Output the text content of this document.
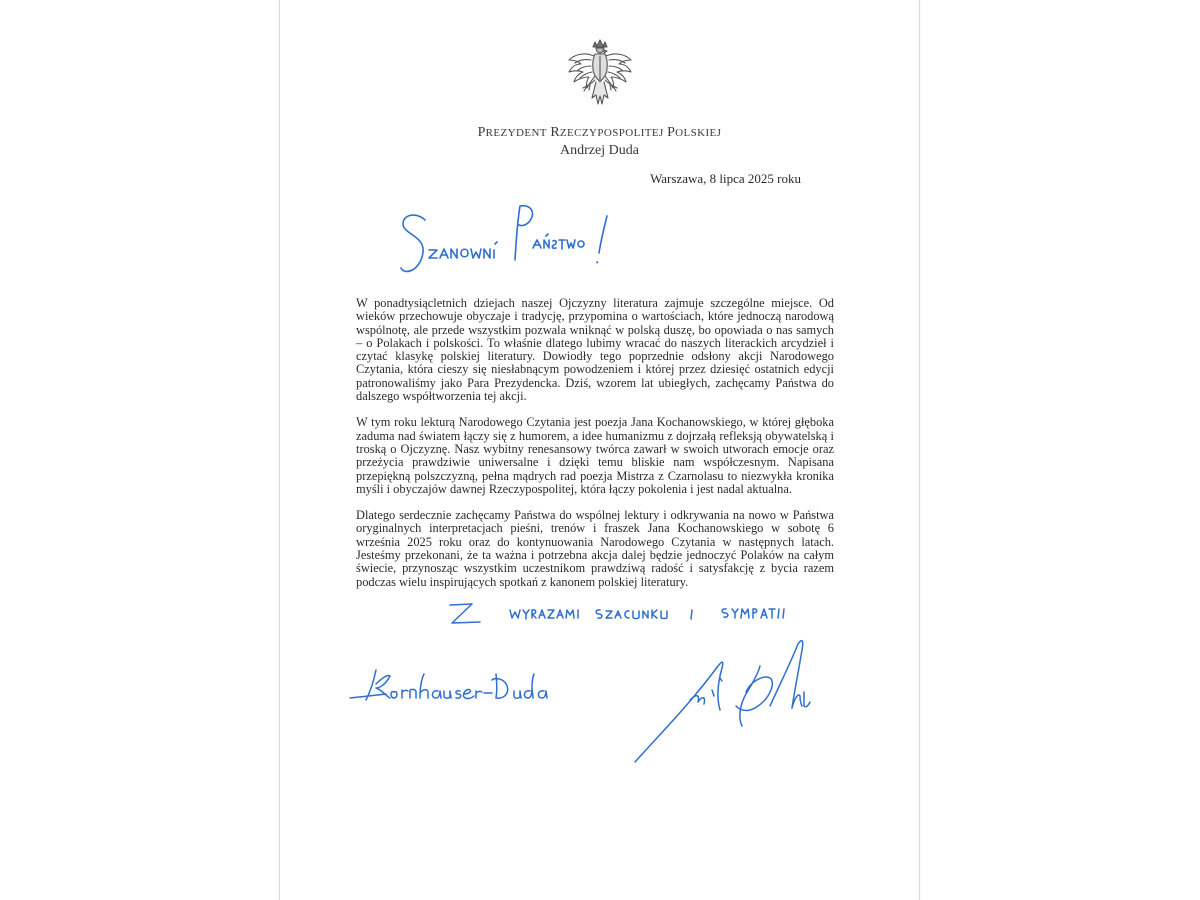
PREZYDENT RZECZYPOSPOLITEJ POLSKIEJ
Andrzej Duda
Warszawa, 8 lipca 2025 roku

W ponadtysiącletnich dziejach naszej Ojczyzny literatura zajmuje szczególne miejsce. Od wieków przechowuje obyczaje i tradycję, przypomina o wartościach, które jednoczą narodową wspólnotę, ale przede wszystkim pozwala wniknąć w polską duszę, bo opowiada o nas samych – o Polakach i polskości. To właśnie dlatego lubimy wracać do naszych literackich arcydzieł i czytać klasykę polskiej literatury. Dowiodły tego poprzednie odsłony akcji Narodowego Czytania, która cieszy się niesłabnącym powodzeniem i której przez dziesięć ostatnich edycji patronowaliśmy jako Para Prezydencka. Dziś, wzorem lat ubiegłych, zachęcamy Państwa do dalszego współtworzenia tej akcji.

W tym roku lekturą Narodowego Czytania jest poezja Jana Kochanowskiego, w której głęboka zaduma nad światem łączy się z humorem, a idee humanizmu z dojrzałą refleksją obywatelską i troską o Ojczyznę. Nasz wybitny renesansowy twórca zawarł w swoich utworach emocje oraz przeżycia prawdziwie uniwersalne i dzięki temu bliskie nam współczesnym. Napisana przepiękną polszczyzną, pełna mądrych rad poezja Mistrza z Czarnolasu to niezwykła kronika myśli i obyczajów dawnej Rzeczypospolitej, która łączy pokolenia i jest nadal aktualna.

Dlatego serdecznie zachęcamy Państwa do wspólnej lektury i odkrywania na nowo w Państwa oryginalnych interpretacjach pieśni, trenów i fraszek Jana Kochanowskiego w sobotę 6 września 2025 roku oraz do kontynuowania Narodowego Czytania w następnych latach. Jesteśmy przekonani, że ta ważna i potrzebna akcja dalej będzie jednoczyć Polaków na całym świecie, przynosząc wszystkim uczestnikom prawdziwą radość i satysfakcję z bycia razem podczas wielu inspirujących spotkań z kanonem polskiej literatury.
